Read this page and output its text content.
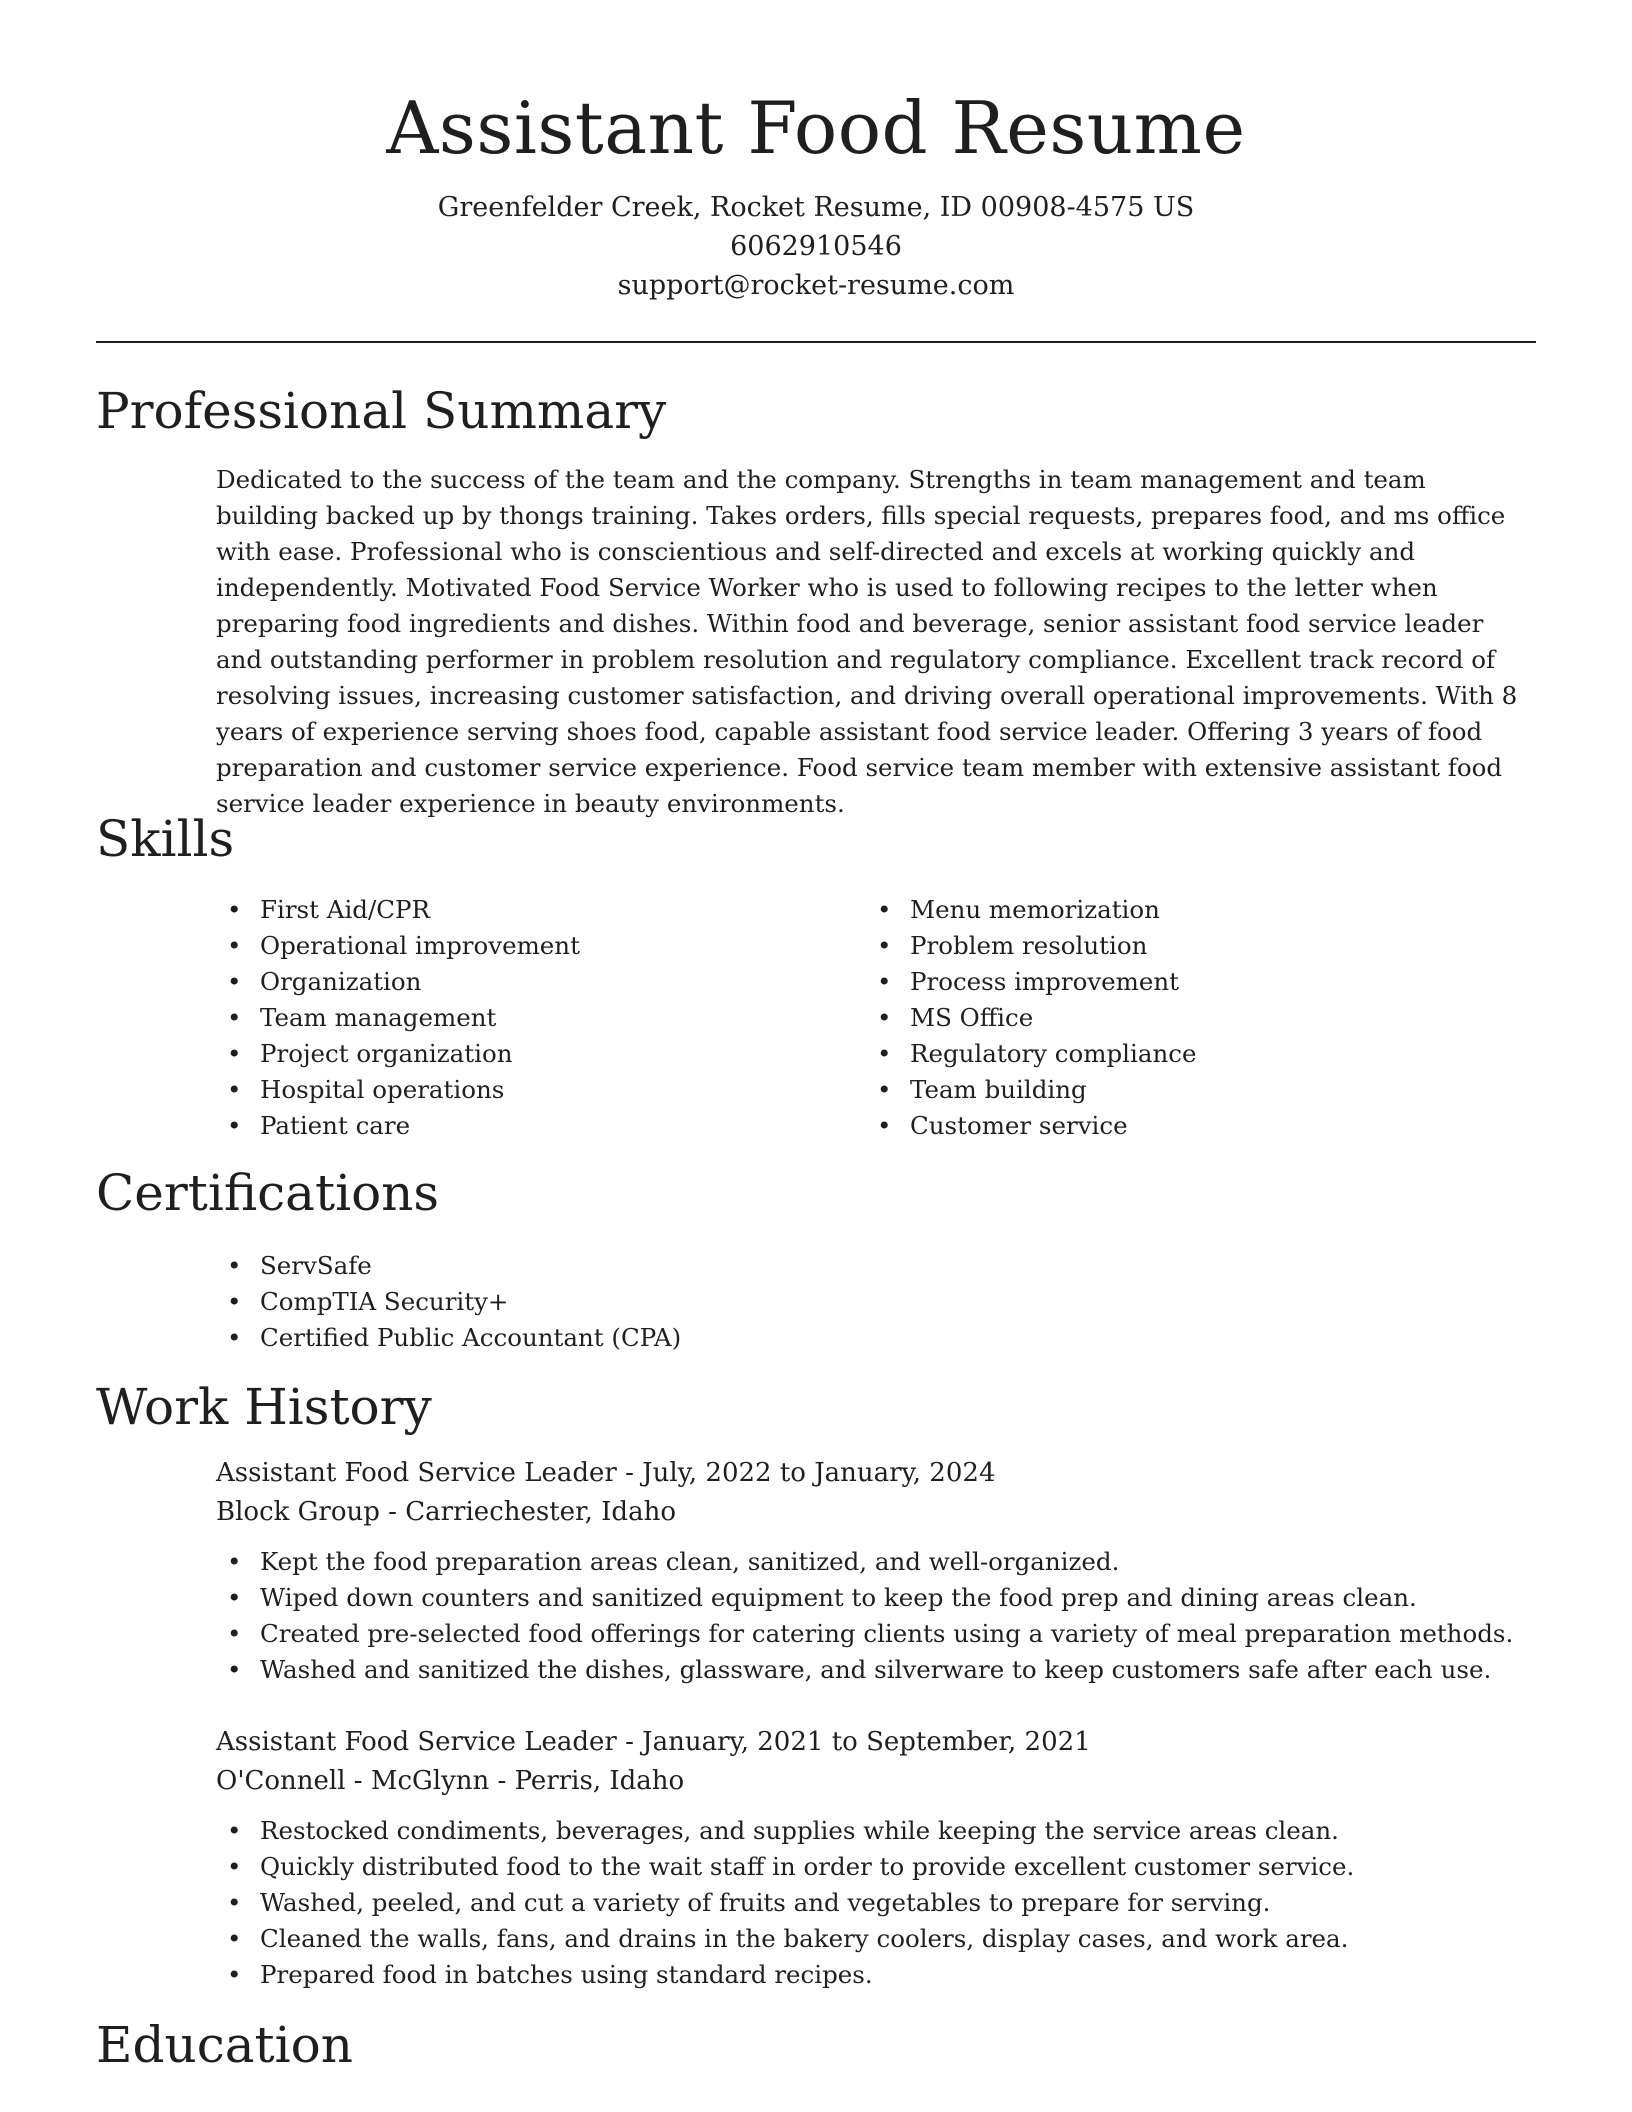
Assistant Food Resume
Greenfelder Creek, Rocket Resume, ID 00908-4575 US
6062910546
support@rocket-resume.com
Professional Summary

Dedicated to the success of the team and the company. Strengths in team management and team building backed up by thongs training. Takes orders, fills special requests, prepares food, and ms office with ease. Professional who is conscientious and self-directed and excels at working quickly and independently. Motivated Food Service Worker who is used to following recipes to the letter when preparing food ingredients and dishes. Within food and beverage, senior assistant food service leader and outstanding performer in problem resolution and regulatory compliance. Excellent track record of resolving issues, increasing customer satisfaction, and driving overall operational improvements. With 8 years of experience serving shoes food, capable assistant food service leader. Offering 3 years of food preparation and customer service experience. Food service team member with extensive assistant food service leader experience in beauty environments.

Skills
• First Aid/CPR
• Operational improvement
• Organization
• Team management
• Project organization
• Hospital operations
• Patient care
• Menu memorization
• Problem resolution
• Process improvement
• MS Office
• Regulatory compliance
• Team building
• Customer service
Certifications
• ServSafe
• CompTIA Security+
• Certified Public Accountant (CPA)
Work History
Assistant Food Service Leader - July, 2022 to January, 2024
Block Group - Carriechester, Idaho
• Kept the food preparation areas clean, sanitized, and well-organized.
• Wiped down counters and sanitized equipment to keep the food prep and dining areas clean.
• Created pre-selected food offerings for catering clients using a variety of meal preparation methods.
• Washed and sanitized the dishes, glassware, and silverware to keep customers safe after each use.
Assistant Food Service Leader - January, 2021 to September, 2021
O'Connell - McGlynn - Perris, Idaho
• Restocked condiments, beverages, and supplies while keeping the service areas clean.
• Quickly distributed food to the wait staff in order to provide excellent customer service.
• Washed, peeled, and cut a variety of fruits and vegetables to prepare for serving.
• Cleaned the walls, fans, and drains in the bakery coolers, display cases, and work area.
• Prepared food in batches using standard recipes.
Education
